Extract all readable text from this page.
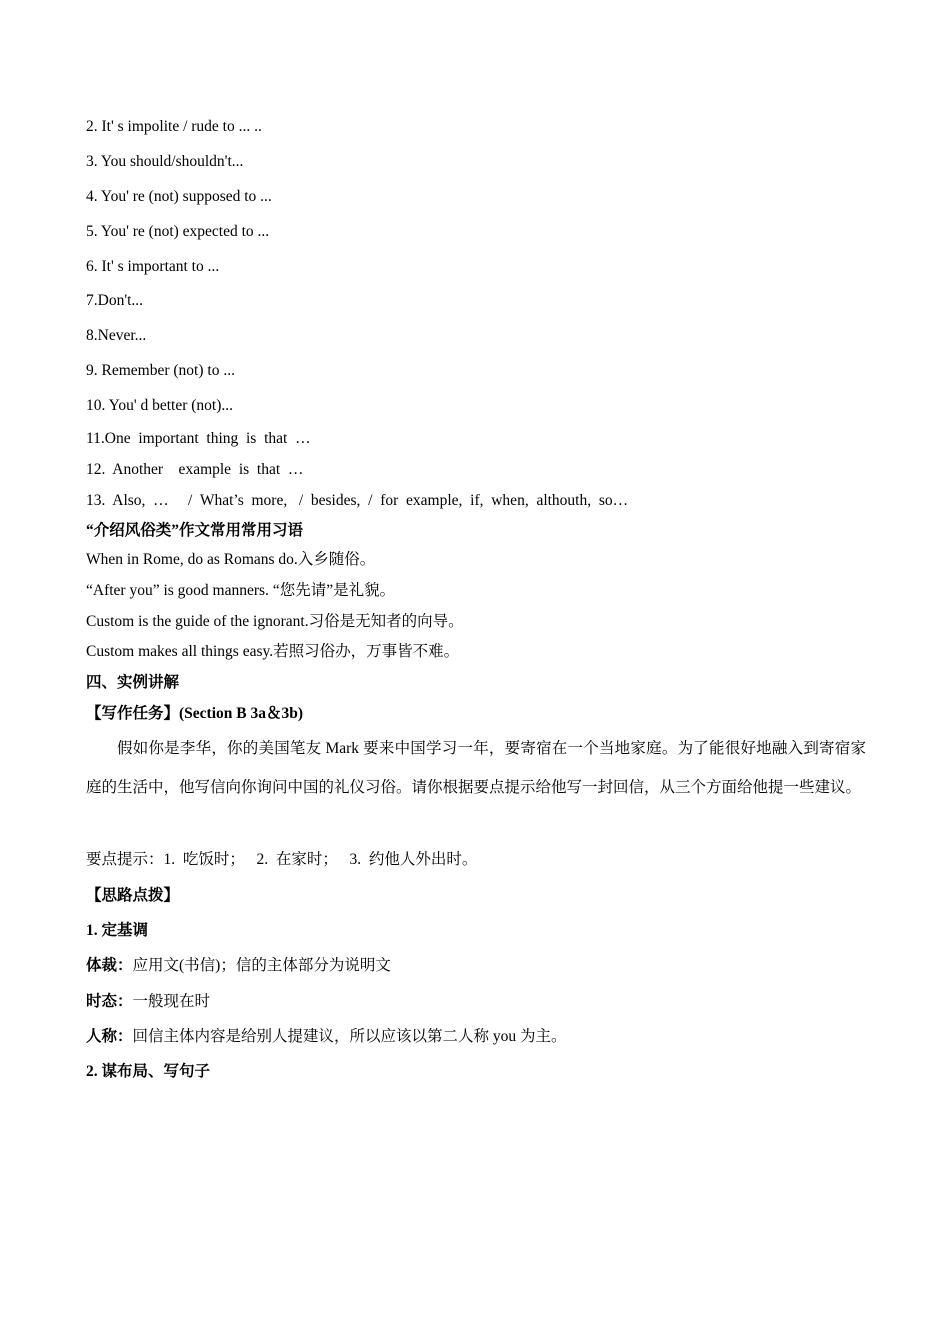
2. It' s impolite / rude to ... ..
3. You should/shouldn't...
4. You' re (not) supposed to ...
5. You' re (not) expected to ...
6. It' s important to ...
7.Don't...
8.Never...
9. Remember (not) to ...
10. You' d better (not)...
11.One  important  thing  is  that  …
12.  Another    example  is  that  …
13.  Also,  …     /  What’s  more,   /  besides,  /  for  example,  if,  when,  althouth,  so…
“介绍风俗类”作文常用常用习语
When in Rome, do as Romans do.入乡随俗。
“After you” is good manners. “您先请”是礼貌。
Custom is the guide of the ignorant.习俗是无知者的向导。
Custom makes all things easy.若照习俗办，万事皆不难。
四、实例讲解
【写作任务】(Section B 3a＆3b)
假如你是李华，你的美国笔友 Mark 要来中国学习一年，要寄宿在一个当地家庭。为了能很好地融入到寄宿家庭的生活中，他写信向你询问中国的礼仪习俗。请你根据要点提示给他写一封回信，从三个方面给他提一些建议。
要点提示：1.  吃饭时；   2.  在家时；   3.  约他人外出时。
【思路点拨】
1. 定基调
体裁：应用文(书信)；信的主体部分为说明文
时态：一般现在时
人称：回信主体内容是给别人提建议，所以应该以第二人称 you 为主。
2. 谋布局、写句子
